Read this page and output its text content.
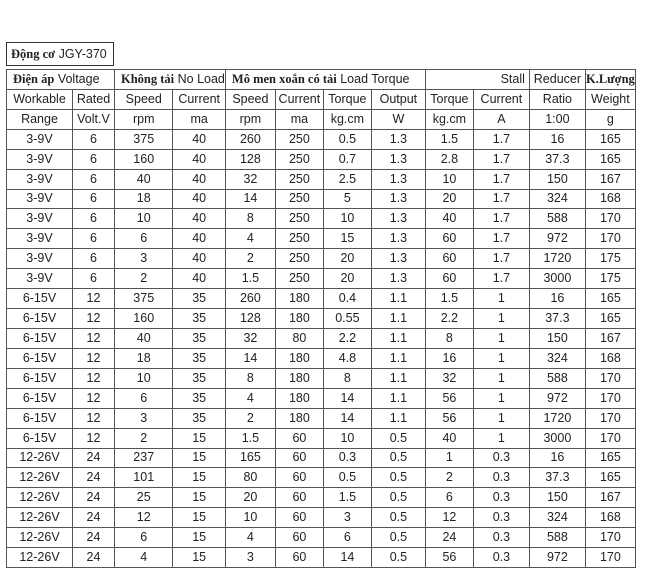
Động cơ JGY-370
Điện áp Voltage		Không tải No Load		Mô men xoắn có tải Load Torque				Stall		Reducer	K.Lượng
Workable	Rated	Speed	Current	Speed	Current	Torque	Output	Torque	Current	Ratio	Weight
Range	Volt.V	rpm	ma	rpm	ma	kg.cm	W	kg.cm	A	1:00	g
3-9V	6	375	40	260	250	0.5	1.3	1.5	1.7	16	165
3-9V	6	160	40	128	250	0.7	1.3	2.8	1.7	37.3	165
3-9V	6	40	40	32	250	2.5	1.3	10	1.7	150	167
3-9V	6	18	40	14	250	5	1.3	20	1.7	324	168
3-9V	6	10	40	8	250	10	1.3	40	1.7	588	170
3-9V	6	6	40	4	250	15	1.3	60	1.7	972	170
3-9V	6	3	40	2	250	20	1.3	60	1.7	1720	175
3-9V	6	2	40	1.5	250	20	1.3	60	1.7	3000	175
6-15V	12	375	35	260	180	0.4	1.1	1.5	1	16	165
6-15V	12	160	35	128	180	0.55	1.1	2.2	1	37.3	165
6-15V	12	40	35	32	80	2.2	1.1	8	1	150	167
6-15V	12	18	35	14	180	4.8	1.1	16	1	324	168
6-15V	12	10	35	8	180	8	1.1	32	1	588	170
6-15V	12	6	35	4	180	14	1.1	56	1	972	170
6-15V	12	3	35	2	180	14	1.1	56	1	1720	170
6-15V	12	2	15	1.5	60	10	0.5	40	1	3000	170
12-26V	24	237	15	165	60	0.3	0.5	1	0.3	16	165
12-26V	24	101	15	80	60	0.5	0.5	2	0.3	37.3	165
12-26V	24	25	15	20	60	1.5	0.5	6	0.3	150	167
12-26V	24	12	15	10	60	3	0.5	12	0.3	324	168
12-26V	24	6	15	4	60	6	0.5	24	0.3	588	170
12-26V	24	4	15	3	60	14	0.5	56	0.3	972	170
